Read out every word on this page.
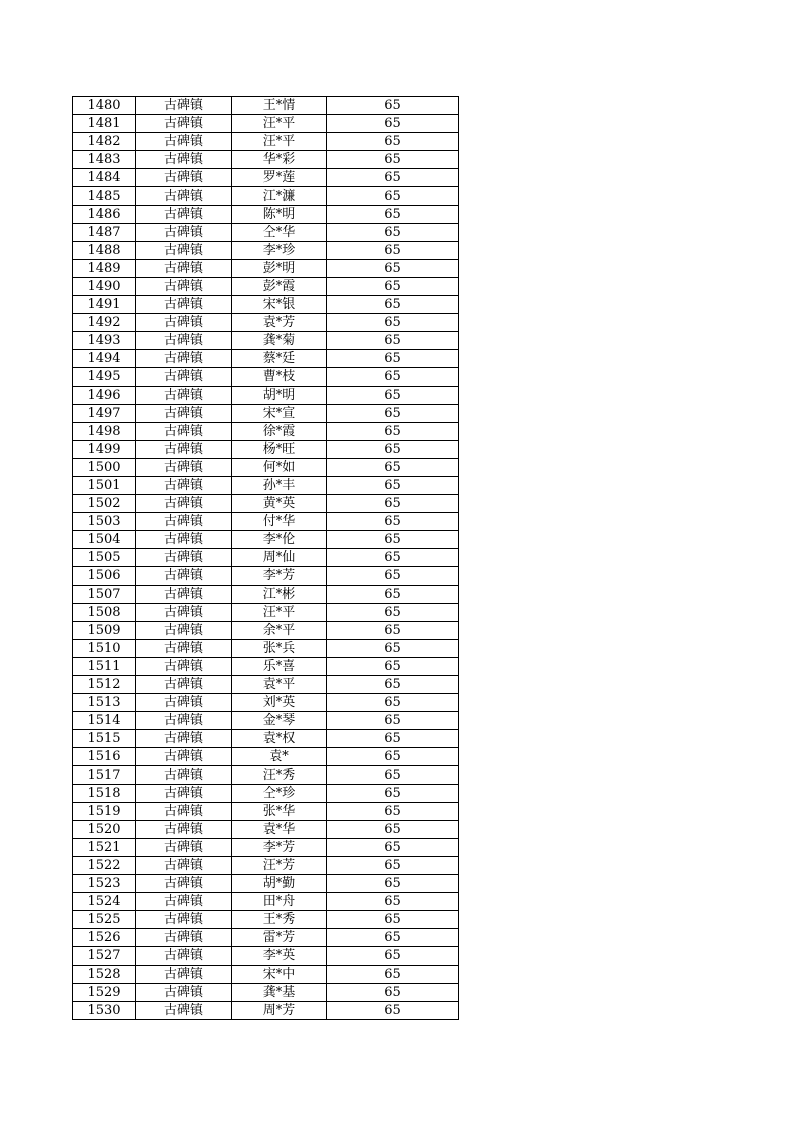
1480	古碑镇	王*情	65
1481	古碑镇	汪*平	65
1482	古碑镇	汪*平	65
1483	古碑镇	华*彩	65
1484	古碑镇	罗*莲	65
1485	古碑镇	江*濂	65
1486	古碑镇	陈*明	65
1487	古碑镇	仝*华	65
1488	古碑镇	李*珍	65
1489	古碑镇	彭*明	65
1490	古碑镇	彭*霞	65
1491	古碑镇	宋*银	65
1492	古碑镇	袁*芳	65
1493	古碑镇	龚*菊	65
1494	古碑镇	蔡*廷	65
1495	古碑镇	曹*枝	65
1496	古碑镇	胡*明	65
1497	古碑镇	宋*宣	65
1498	古碑镇	徐*霞	65
1499	古碑镇	杨*旺	65
1500	古碑镇	何*如	65
1501	古碑镇	孙*丰	65
1502	古碑镇	黄*英	65
1503	古碑镇	付*华	65
1504	古碑镇	李*伦	65
1505	古碑镇	周*仙	65
1506	古碑镇	李*芳	65
1507	古碑镇	江*彬	65
1508	古碑镇	汪*平	65
1509	古碑镇	余*平	65
1510	古碑镇	张*兵	65
1511	古碑镇	乐*喜	65
1512	古碑镇	袁*平	65
1513	古碑镇	刘*英	65
1514	古碑镇	金*琴	65
1515	古碑镇	袁*权	65
1516	古碑镇	袁*	65
1517	古碑镇	汪*秀	65
1518	古碑镇	仝*珍	65
1519	古碑镇	张*华	65
1520	古碑镇	袁*华	65
1521	古碑镇	李*芳	65
1522	古碑镇	汪*芳	65
1523	古碑镇	胡*勤	65
1524	古碑镇	田*舟	65
1525	古碑镇	王*秀	65
1526	古碑镇	雷*芳	65
1527	古碑镇	李*英	65
1528	古碑镇	宋*中	65
1529	古碑镇	龚*基	65
1530	古碑镇	周*芳	65
